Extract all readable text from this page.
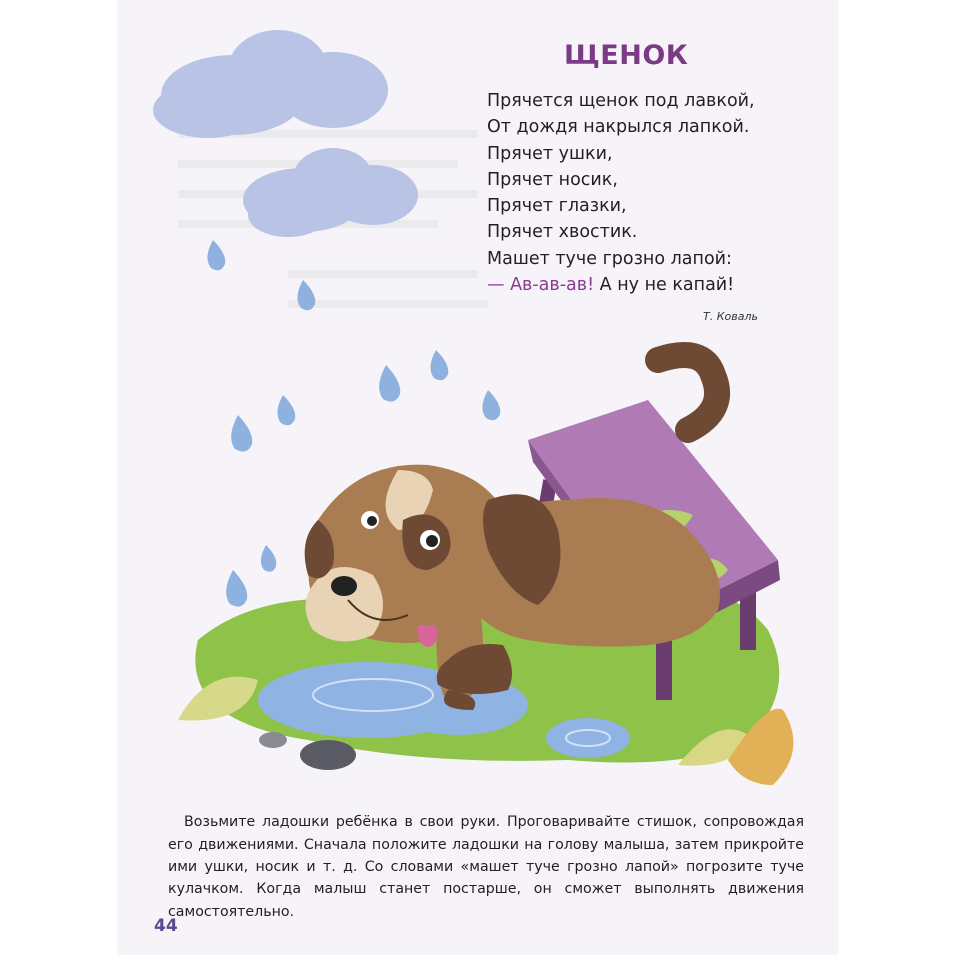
ЩЕНОК
Прячется щенок под лавкой,
От дождя накрылся лапкой.
Прячет ушки,
Прячет носик,
Прячет глазки,
Прячет хвостик.
Машет туче грозно лапой:
— Ав-ав-ав! А ну не капай!
Т. Коваль

Возьмите ладошки ребёнка в свои руки. Проговаривайте стишок, сопровождая его движениями. Сначала положите ладошки на голову малыша, затем прикройте ими ушки, носик и т. д. Со словами «машет туче грозно лапой» погрозите туче кулачком. Когда малыш станет постарше, он сможет выполнять движения самостоятельно.

44
